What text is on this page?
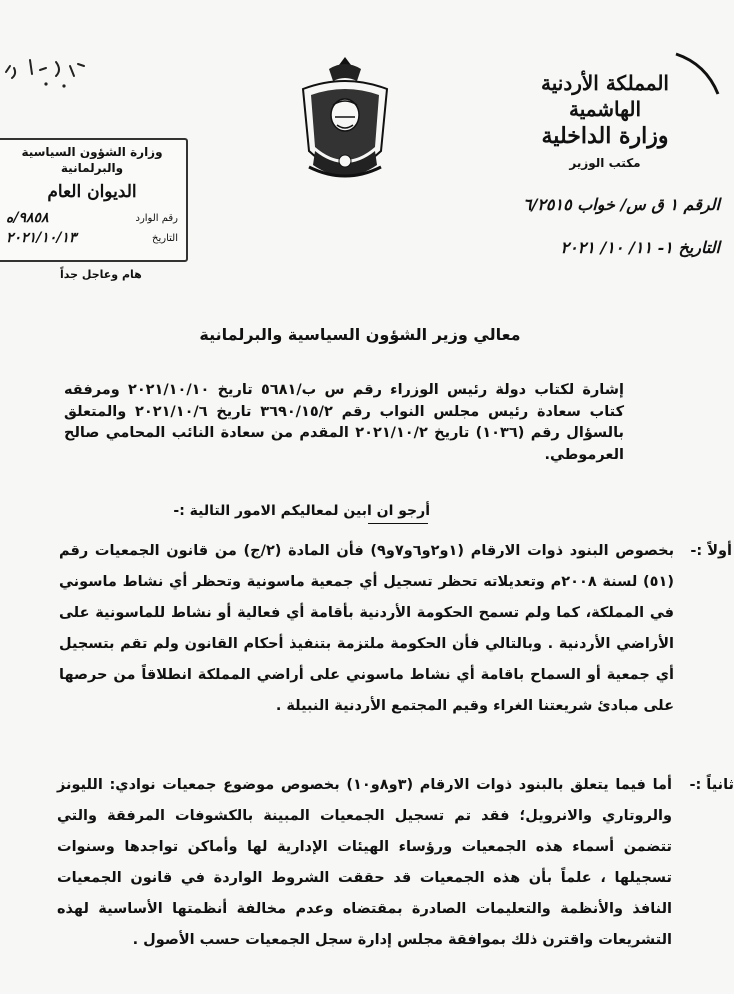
وزارة الشؤون السياسية والبرلمانية
الديوان العام
رقم الوارد
٩٨٥٨/ه
التاريخ
٢٠٢١/١٠/١٣
هام وعاجل جداً
المملكة الأردنية الهاشمية
وزارة الداخلية
مكتب الوزير
الرقم ١ ق س/ خواب ٦/٢٥١٥
التاريخ ١- ١١/ ١٠/ ٢٠٢١
معالي وزير الشؤون السياسية والبرلمانية
إشارة لكتاب دولة رئيس الوزراء رقم س ب/٥٦٨١ تاريخ ٢٠٢١/١٠/١٠ ومرفقه كتاب سعادة رئيس مجلس النواب رقم ٣٦٩٠/١٥/٢ تاريخ ٢٠٢١/١٠/٦ والمتعلق بالسؤال رقم (١٠٣٦) تاريخ ٢٠٢١/١٠/٢ المقدم من سعادة النائب المحامي صالح العرموطي.
أرجو ان ابين لمعاليكم الامور التالية :-
أولاً :-
بخصوص البنود ذوات الارقام (١و٢و٦و٧و٩) فأن المادة (٢/ج) من قانون الجمعيات رقم (٥١) لسنة ٢٠٠٨م وتعديلاته تحظر تسجيل أي جمعية ماسونية وتحظر أي نشاط ماسوني في المملكة، كما ولم تسمح الحكومة الأردنية بأقامة أي فعالية أو نشاط للماسونية على الأراضي الأردنية . وبالتالي فأن الحكومة ملتزمة بتنفيذ أحكام القانون ولم تقم بتسجيل أي جمعية أو السماح باقامة أي نشاط ماسوني على أراضي المملكة انطلاقاً من حرصها على مبادئ شريعتنا الغراء وقيم المجتمع الأردنية النبيلة .
ثانياً :-
أما فيما يتعلق بالبنود ذوات الارقام (٣و٨و١٠) بخصوص موضوع جمعيات نوادي: الليونز والروتاري والانرويل؛ فقد تم تسجيل الجمعيات المبينة بالكشوفات المرفقة والتي تتضمن أسماء هذه الجمعيات ورؤساء الهيئات الإدارية لها وأماكن تواجدها وسنوات تسجيلها ، علماً بأن هذه الجمعيات قد حققت الشروط الواردة في قانون الجمعيات النافذ والأنظمة والتعليمات الصادرة بمقتضاه وعدم مخالفة أنظمتها الأساسية لهذه التشريعات واقترن ذلك بموافقة مجلس إدارة سجل الجمعيات حسب الأصول .
